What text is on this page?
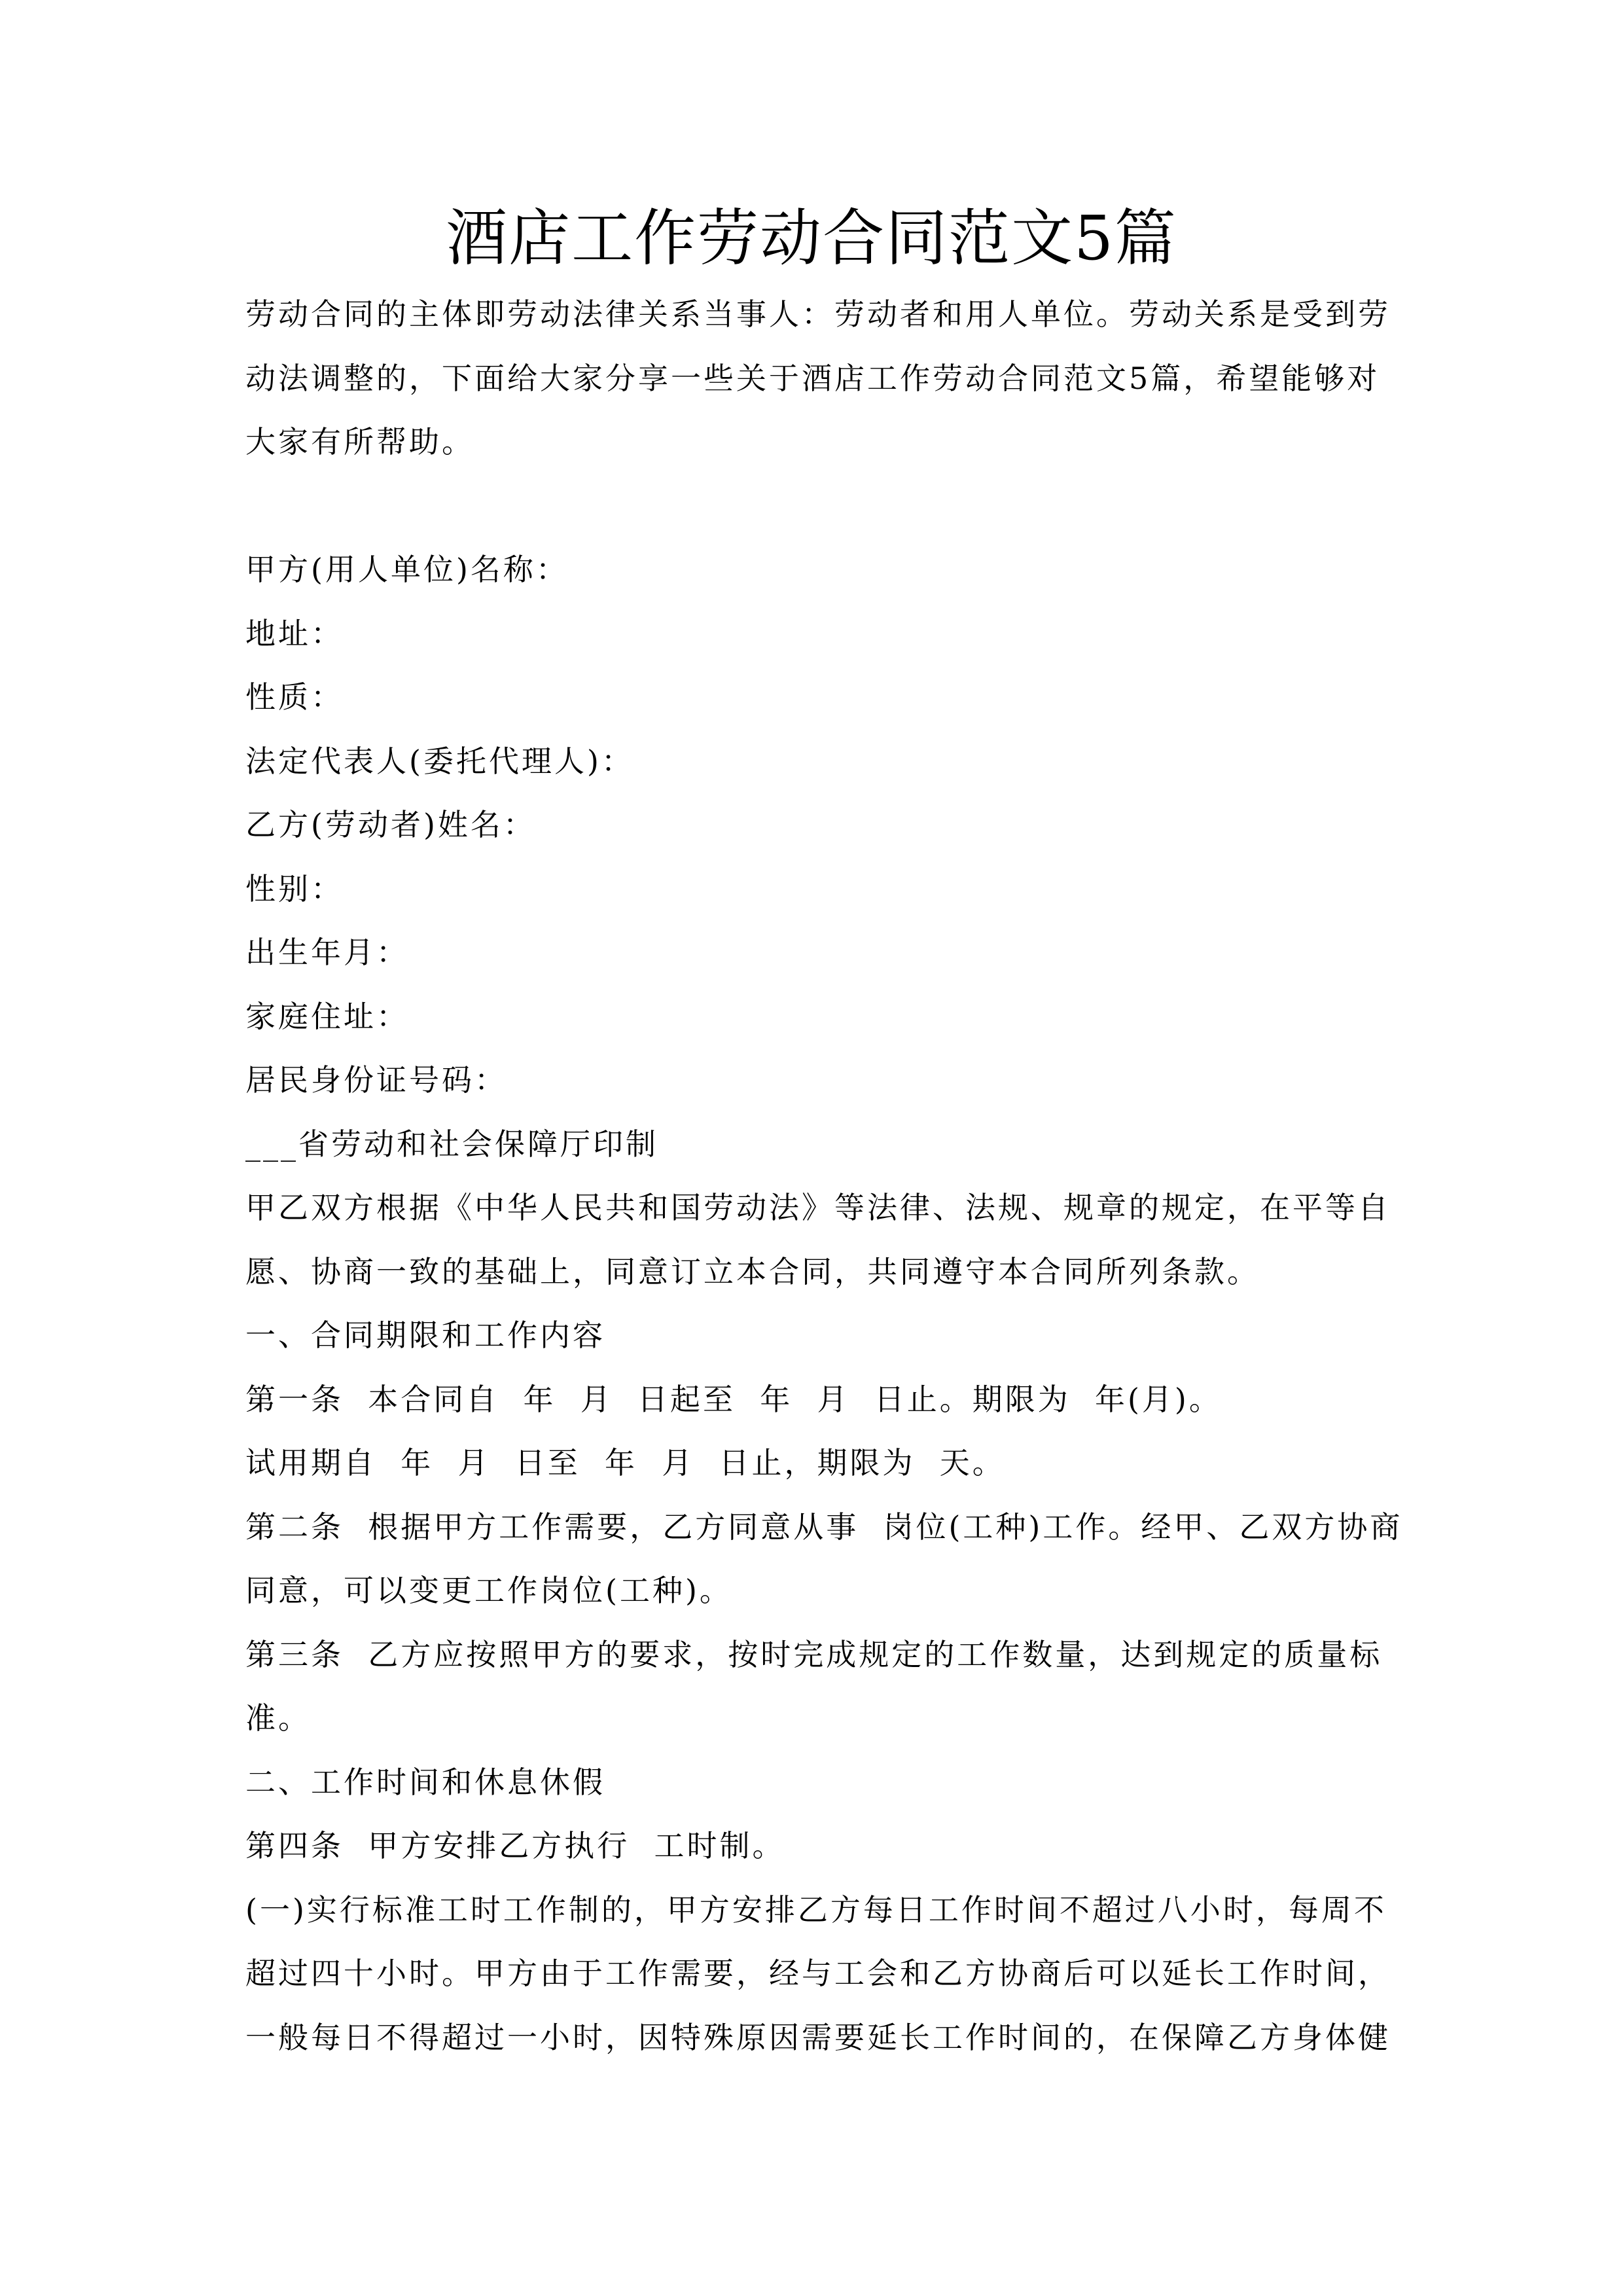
酒店工作劳动合同范文5篇

劳动合同的主体即劳动法律关系当事人：劳动者和用人单位。劳动关系是受到劳

动法调整的，下面给大家分享一些关于酒店工作劳动合同范文5篇，希望能够对

大家有所帮助。

甲方(用人单位)名称：

地址：

性质：

法定代表人(委托代理人)：

乙方(劳动者)姓名：

性别：

出生年月：

家庭住址：

居民身份证号码：

___省劳动和社会保障厅印制

甲乙双方根据《中华人民共和国劳动法》等法律、法规、规章的规定，在平等自

愿、协商一致的基础上，同意订立本合同，共同遵守本合同所列条款。

一、合同期限和工作内容

第一条  本合同自  年  月  日起至  年  月  日止。期限为  年(月)。

试用期自  年  月  日至  年  月  日止，期限为  天。

第二条  根据甲方工作需要，乙方同意从事  岗位(工种)工作。经甲、乙双方协商

同意，可以变更工作岗位(工种)。

第三条  乙方应按照甲方的要求，按时完成规定的工作数量，达到规定的质量标

准。

二、工作时间和休息休假

第四条  甲方安排乙方执行  工时制。

(一)实行标准工时工作制的，甲方安排乙方每日工作时间不超过八小时，每周不

超过四十小时。甲方由于工作需要，经与工会和乙方协商后可以延长工作时间，

一般每日不得超过一小时，因特殊原因需要延长工作时间的，在保障乙方身体健
